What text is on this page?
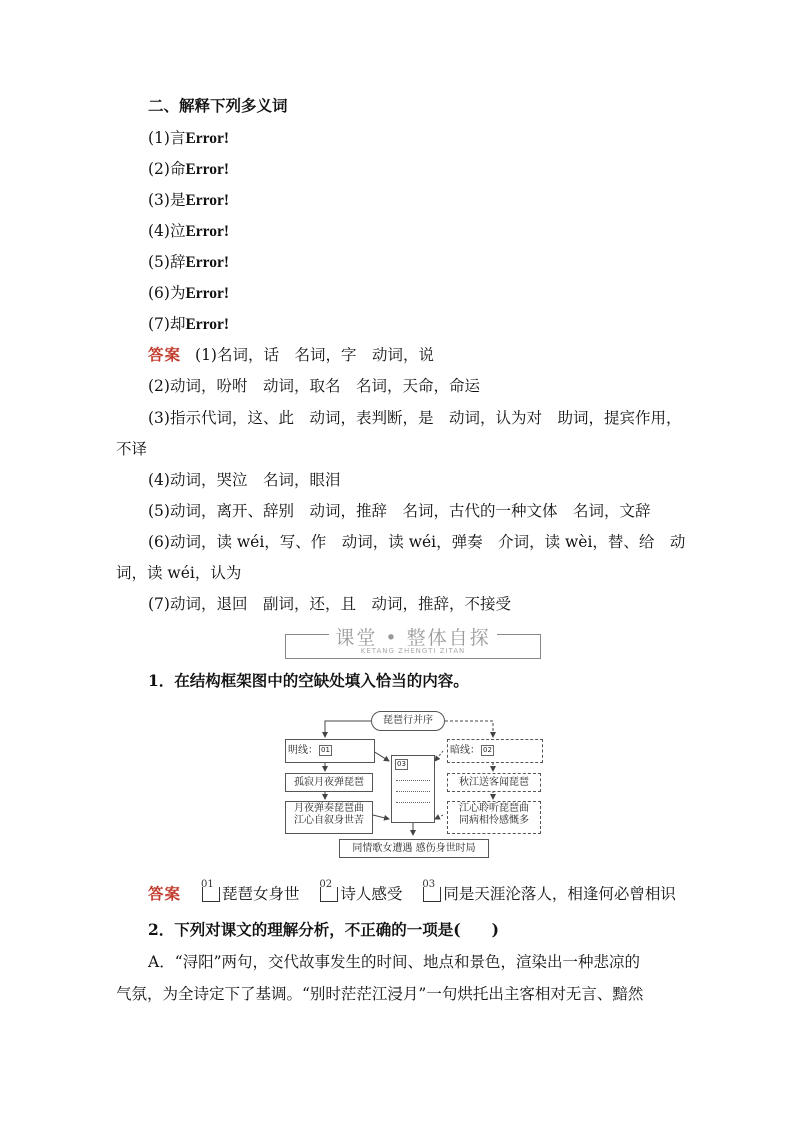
二、解释下列多义词
(1)言Error!
(2)命Error!
(3)是Error!
(4)泣Error!
(5)辞Error!
(6)为Error!
(7)却Error!
答案 (1)名词，话　名词，字　动词，说
(2)动词，吩咐　动词，取名　名词，天命，命运
(3)指示代词，这、此　动词，表判断，是　动词，认为对　助词，提宾作用，
不译
(4)动词，哭泣　名词，眼泪
(5)动词，离开、辞别　动词，推辞　名词，古代的一种文体　名词，文辞
(6)动词，读 wéi，写、作　动词，读 wéi，弹奏　介词，读 wèi，替、给　动
词，读 wéi，认为
(7)动词，退回　副词，还，且　动词，推辞，不接受
课堂 • 整体自探
KETANG ZHENGTI ZITAN
1．在结构框架图中的空缺处填入恰当的内容。
琵琶行并序
明线： 01
孤寂月夜弹琵琶
月夜弹奏琵琶曲
江心自叙身世苦
03
暗线： 02
秋江送客闻琵琶
江心聆听琵琶曲
同病相怜感慨多
同情歌女遭遇 感伤身世时局
答案 01
琵琶女身世
02
诗人感受
03
同是天涯沦落人，相逢何必曾相识
2．下列对课文的理解分析，不正确的一项是(　　)
A．“浔阳”两句，交代故事发生的时间、地点和景色，渲染出一种悲凉的
气氛，为全诗定下了基调。“别时茫茫江浸月”一句烘托出主客相对无言、黯然
